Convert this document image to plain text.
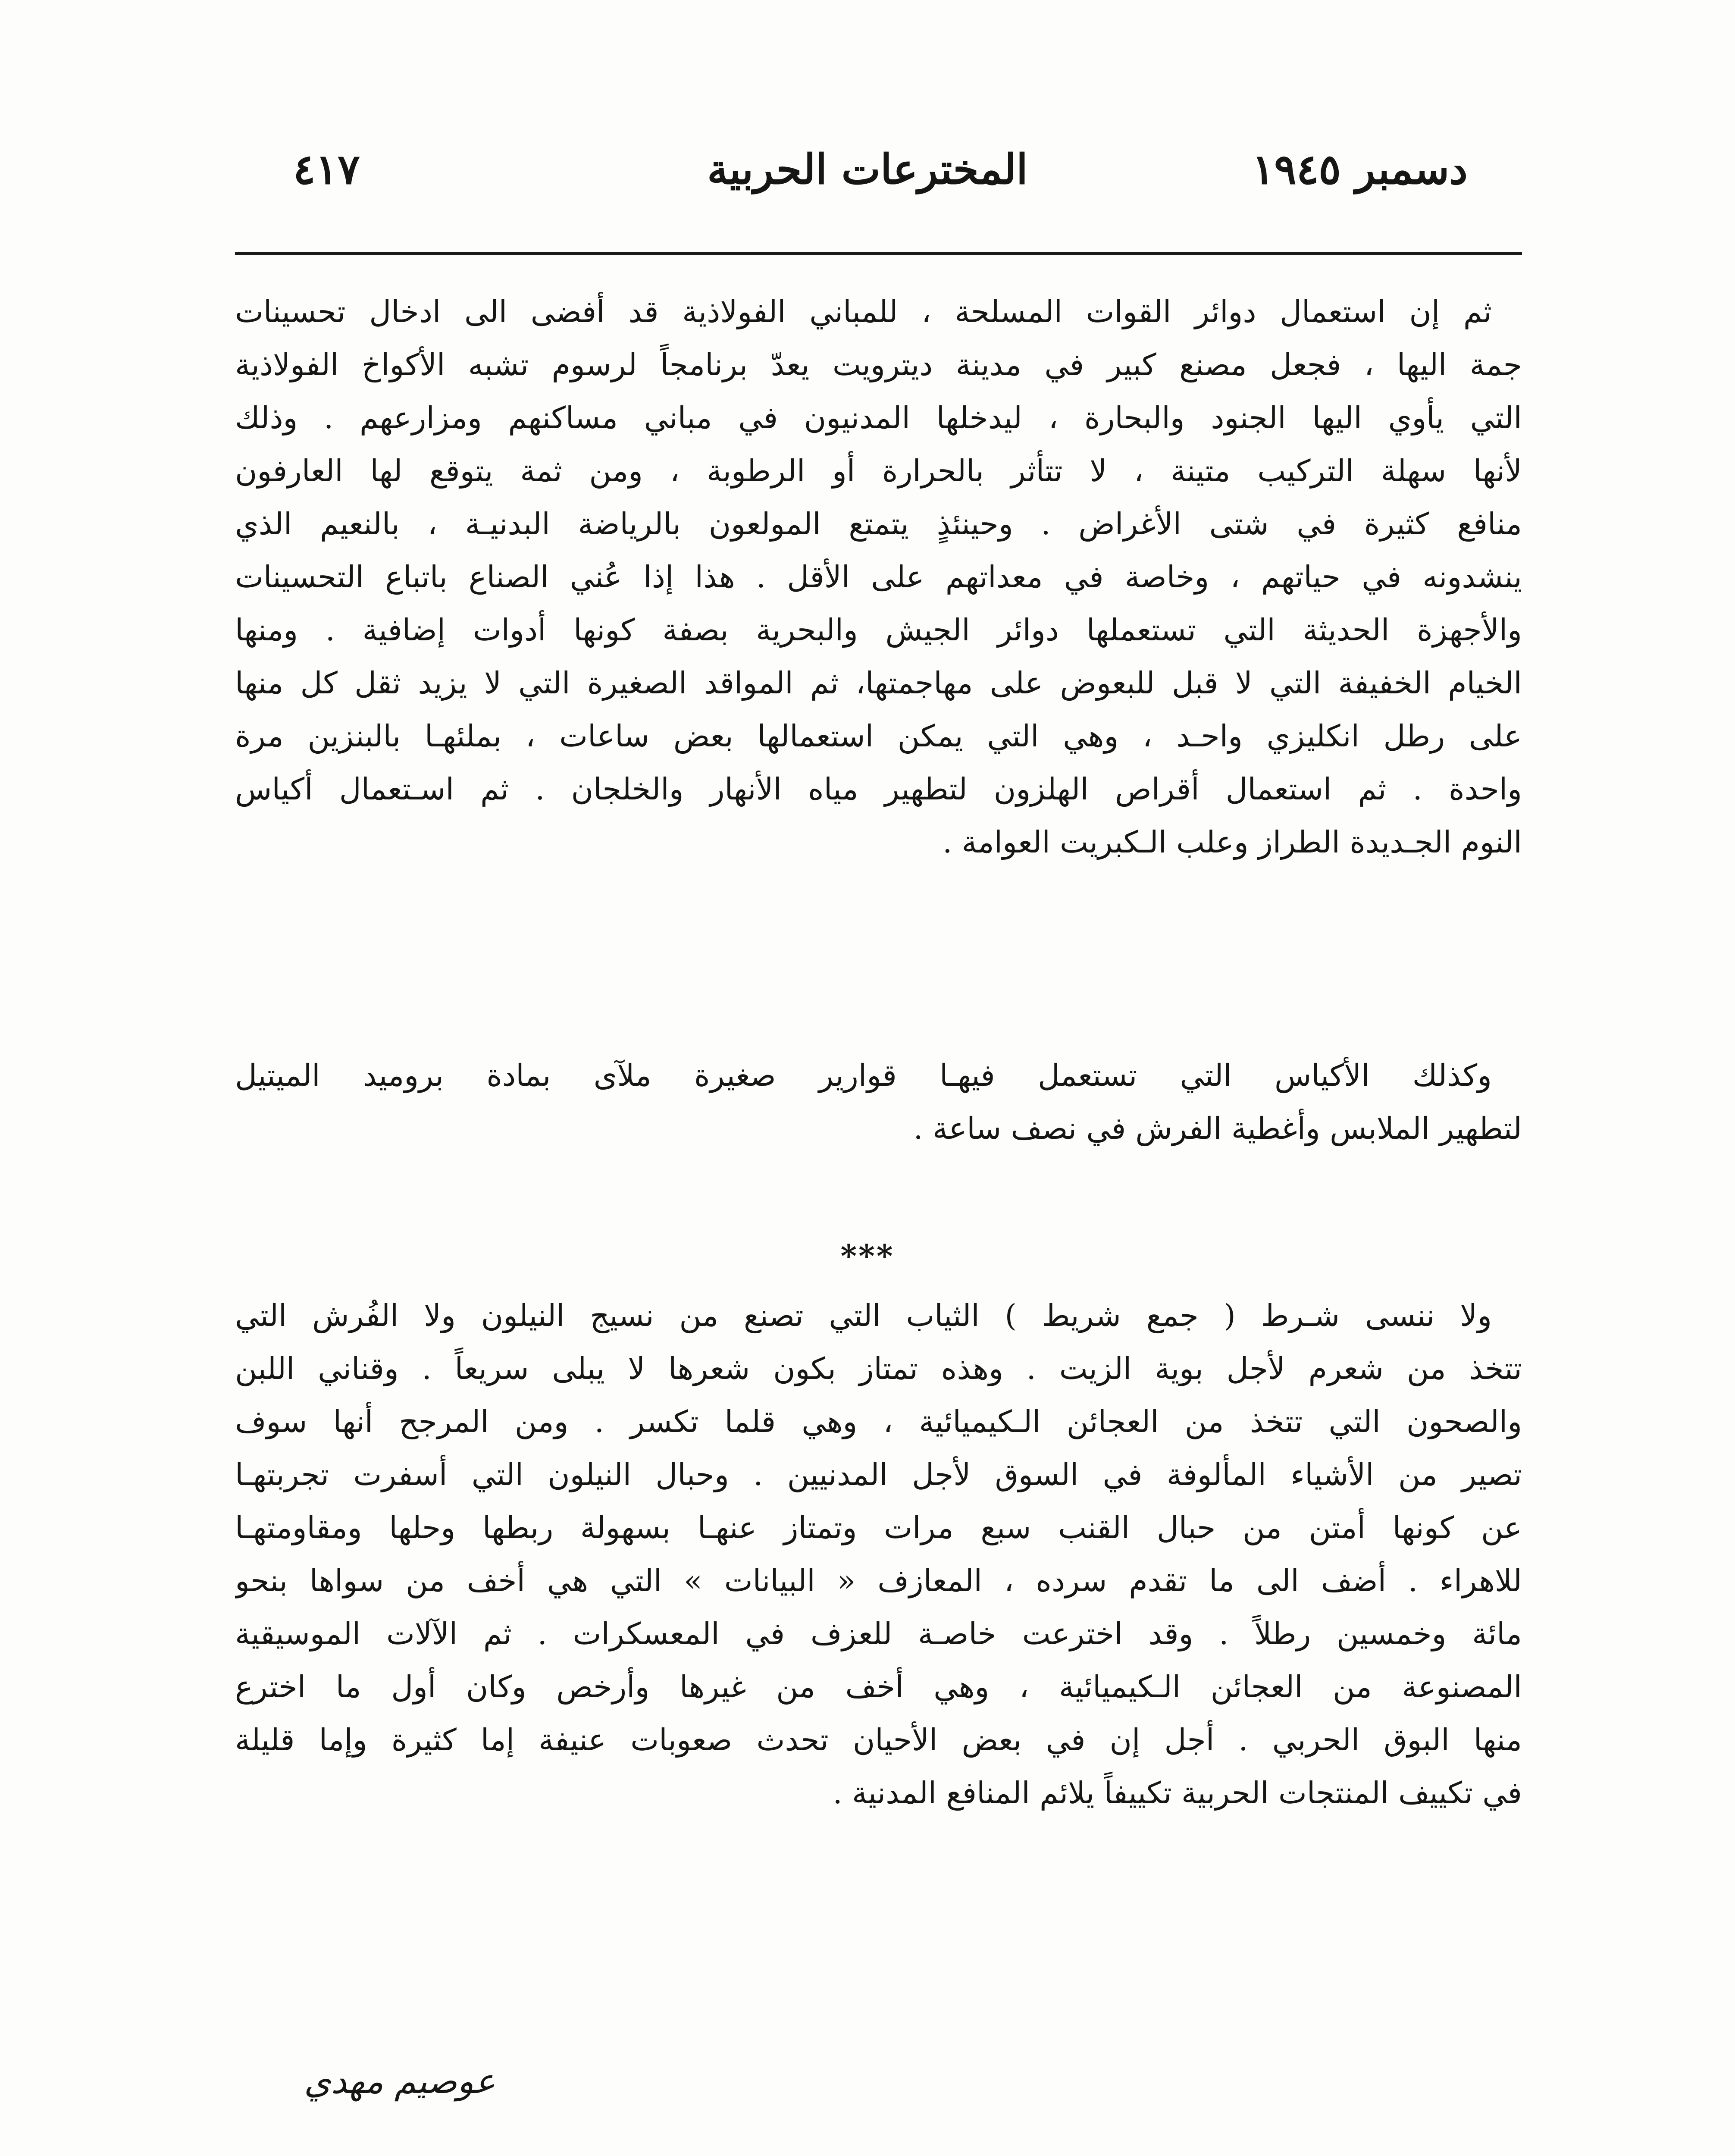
٤١٧	المخترعات الحربية	دسمبر ١٩٤٥
ثم إن استعمال دوائر القوات المسلحة ، للمباني الفولاذية قد أفضى الى ادخال تحسينات
جمة اليها ، فجعل مصنع كبير في مدينة ديترويت يعدّ برنامجاً لرسوم تشبه الأكواخ الفولاذية
التي يأوي اليها الجنود والبحارة ، ليدخلها المدنيون في مباني مساكنهم ومزارعهم . وذلك
لأنها سهلة التركيب متينة ، لا تتأثر بالحرارة أو الرطوبة ، ومن ثمة يتوقع لها العارفون
منافع كثيرة في شتى الأغراض . وحينئذٍ يتمتع المولعون بالرياضة البدنيـة ، بالنعيم الذي
ينشدونه في حياتهم ، وخاصة في معداتهم على الأقل . هذا إذا عُني الصناع باتباع التحسينات
والأجهزة الحديثة التي تستعملها دوائر الجيش والبحرية بصفة كونها أدوات إضافية . ومنها
الخيام الخفيفة التي لا قبل للبعوض على مهاجمتها، ثم المواقد الصغيرة التي لا يزيد ثقل كل منها
على رطل انكليزي واحـد ، وهي التي يمكن استعمالها بعض ساعات ، بملئهـا بالبنزين مرة
واحدة . ثم استعمال أقراص الهلزون لتطهير مياه الأنهار والخلجان . ثم اسـتعمال أكياس
النوم الجـديدة الطراز وعلب الـكبريت العوامة .
وكذلك الأكياس التي تستعمل فيهـا قوارير صغيرة ملآى بمادة بروميد الميتيل
لتطهير الملابس وأغطية الفرش في نصف ساعة .
***
ولا ننسى شـرط ( جمع شريط ) الثياب التي تصنع من نسيج النيلون ولا الفُرش التي
تتخذ من شعرم لأجل بوية الزيت . وهذه تمتاز بكون شعرها لا يبلى سريعاً . وقناني اللبن
والصحون التي تتخذ من العجائن الـكيميائية ، وهي قلما تكسر . ومن المرجح أنها سوف
تصير من الأشياء المألوفة في السوق لأجل المدنيين . وحبال النيلون التي أسفرت تجربتهـا
عن كونها أمتن من حبال القنب سبع مرات وتمتاز عنهـا بسهولة ربطها وحلها ومقاومتهـا
للاهراء . أضف الى ما تقدم سرده ، المعازف « البيانات » التي هي أخف من سواها بنحو
مائة وخمسين رطلاً . وقد اخترعت خاصـة للعزف في المعسكرات . ثم الآلات الموسيقية
المصنوعة من العجائن الـكيميائية ، وهي أخف من غيرها وأرخص وكان أول ما اخترع
منها البوق الحربي . أجل إن في بعض الأحيان تحدث صعوبات عنيفة إما كثيرة وإما قليلة
في تكييف المنتجات الحربية تكييفاً يلائم المنافع المدنية .
عوصيم مهدي
